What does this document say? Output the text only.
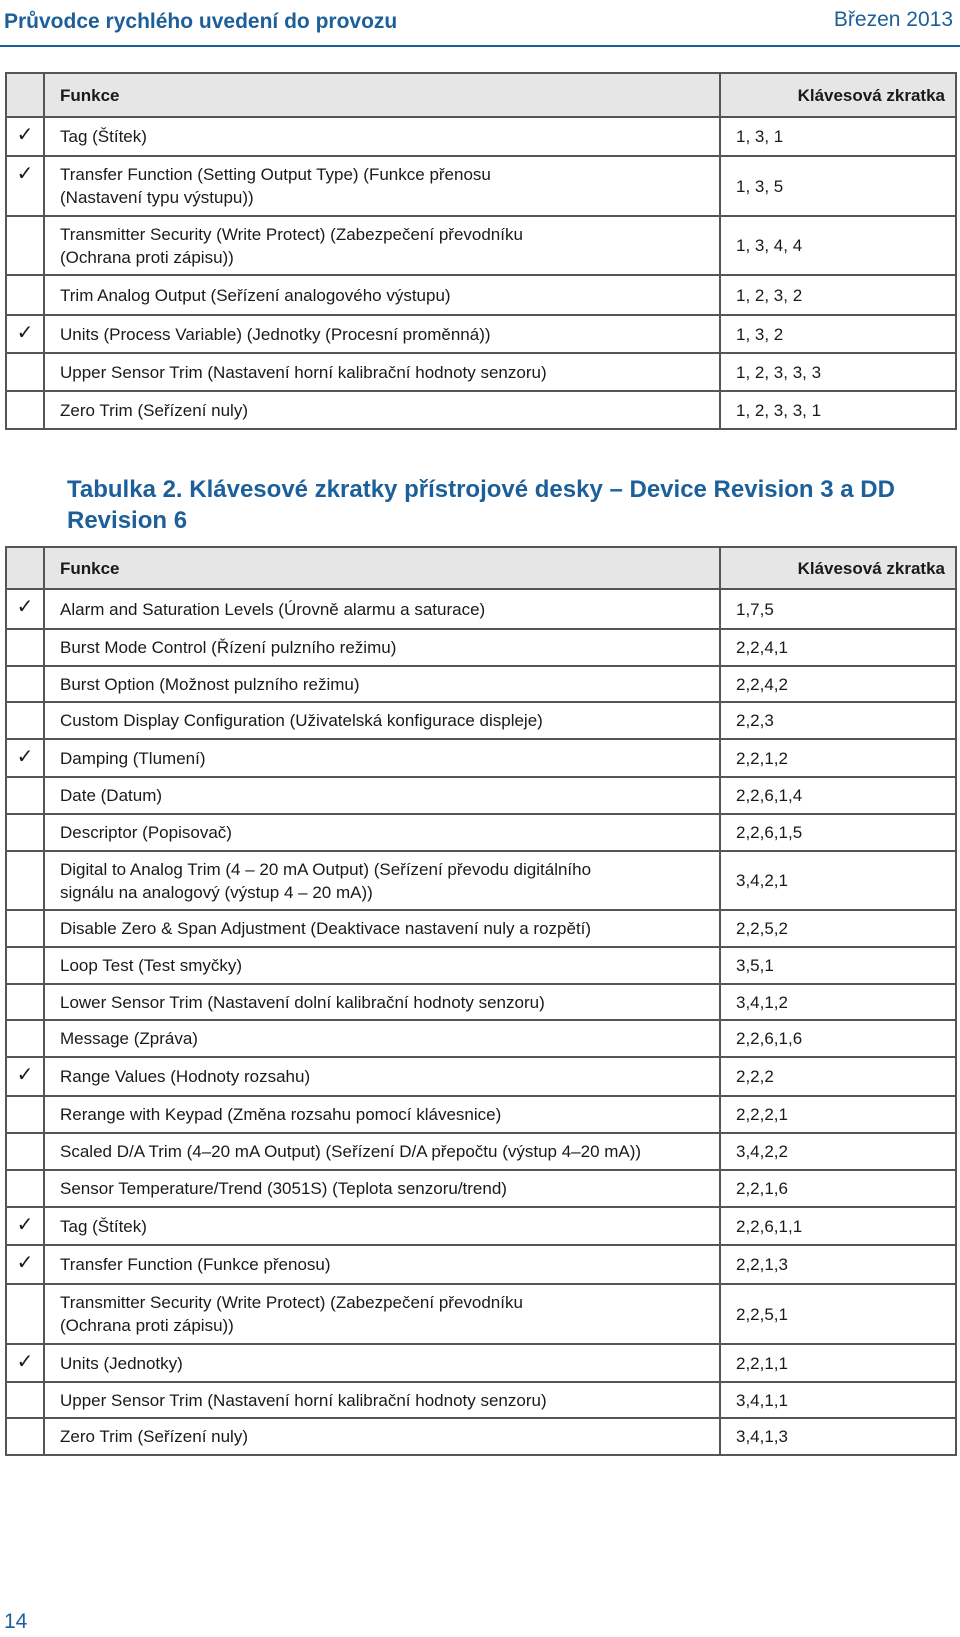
Průvodce rychlého uvedení do provozu	Březen 2013
	Funkce	Klávesová zkratka
✓	Tag (Štítek)	1, 3, 1
✓	Transfer Function (Setting Output Type) (Funkce přenosu
(Nastavení typu výstupu))	1, 3, 5
	Transmitter Security (Write Protect) (Zabezpečení převodníku
(Ochrana proti zápisu))	1, 3, 4, 4
	Trim Analog Output (Seřízení analogového výstupu)	1, 2, 3, 2
✓	Units (Process Variable) (Jednotky (Procesní proměnná))	1, 3, 2
	Upper Sensor Trim (Nastavení horní kalibrační hodnoty senzoru)	1, 2, 3, 3, 3
	Zero Trim (Seřízení nuly)	1, 2, 3, 3, 1
Tabulka 2. Klávesové zkratky přístrojové desky – Device Revision 3 a DD Revision 6
	Funkce	Klávesová zkratka
✓	Alarm and Saturation Levels (Úrovně alarmu a saturace)	1,7,5
	Burst Mode Control (Řízení pulzního režimu)	2,2,4,1
	Burst Option (Možnost pulzního režimu)	2,2,4,2
	Custom Display Configuration (Uživatelská konfigurace displeje)	2,2,3
✓	Damping (Tlumení)	2,2,1,2
	Date (Datum)	2,2,6,1,4
	Descriptor (Popisovač)	2,2,6,1,5
	Digital to Analog Trim (4 – 20 mA Output) (Seřízení převodu digitálního
signálu na analogový (výstup 4 – 20 mA))	3,4,2,1
	Disable Zero & Span Adjustment (Deaktivace nastavení nuly a rozpětí)	2,2,5,2
	Loop Test (Test smyčky)	3,5,1
	Lower Sensor Trim (Nastavení dolní kalibrační hodnoty senzoru)	3,4,1,2
	Message (Zpráva)	2,2,6,1,6
✓	Range Values (Hodnoty rozsahu)	2,2,2
	Rerange with Keypad (Změna rozsahu pomocí klávesnice)	2,2,2,1
	Scaled D/A Trim (4–20 mA Output) (Seřízení D/A přepočtu (výstup 4–20 mA))	3,4,2,2
	Sensor Temperature/Trend (3051S) (Teplota senzoru/trend)	2,2,1,6
✓	Tag (Štítek)	2,2,6,1,1
✓	Transfer Function (Funkce přenosu)	2,2,1,3
	Transmitter Security (Write Protect) (Zabezpečení převodníku
(Ochrana proti zápisu))	2,2,5,1
✓	Units (Jednotky)	2,2,1,1
	Upper Sensor Trim (Nastavení horní kalibrační hodnoty senzoru)	3,4,1,1
	Zero Trim (Seřízení nuly)	3,4,1,3
14
